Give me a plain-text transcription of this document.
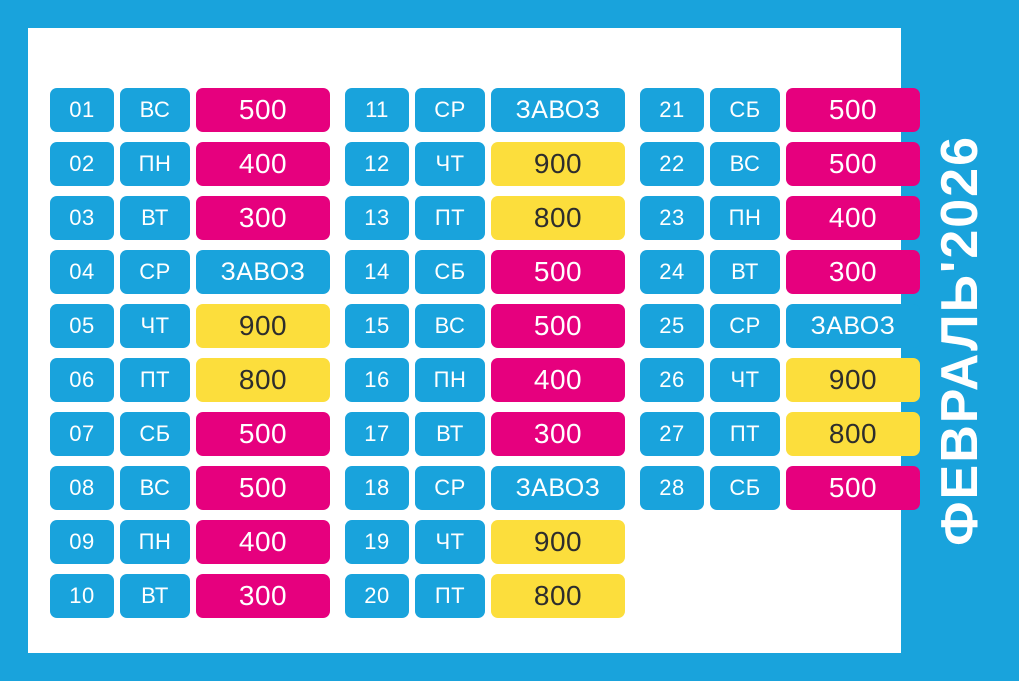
01	ВС	500
02	ПН	400
03	ВТ	300
04	СР	ЗАВОЗ
05	ЧТ	900
06	ПТ	800
07	СБ	500
08	ВС	500
09	ПН	400
10	ВТ	300
11	СР	ЗАВОЗ
12	ЧТ	900
13	ПТ	800
14	СБ	500
15	ВС	500
16	ПН	400
17	ВТ	300
18	СР	ЗАВОЗ
19	ЧТ	900
20	ПТ	800
21	СБ	500
22	ВС	500
23	ПН	400
24	ВТ	300
25	СР	ЗАВОЗ
26	ЧТ	900
27	ПТ	800
28	СБ	500	ФЕВРАЛЬ'2026
